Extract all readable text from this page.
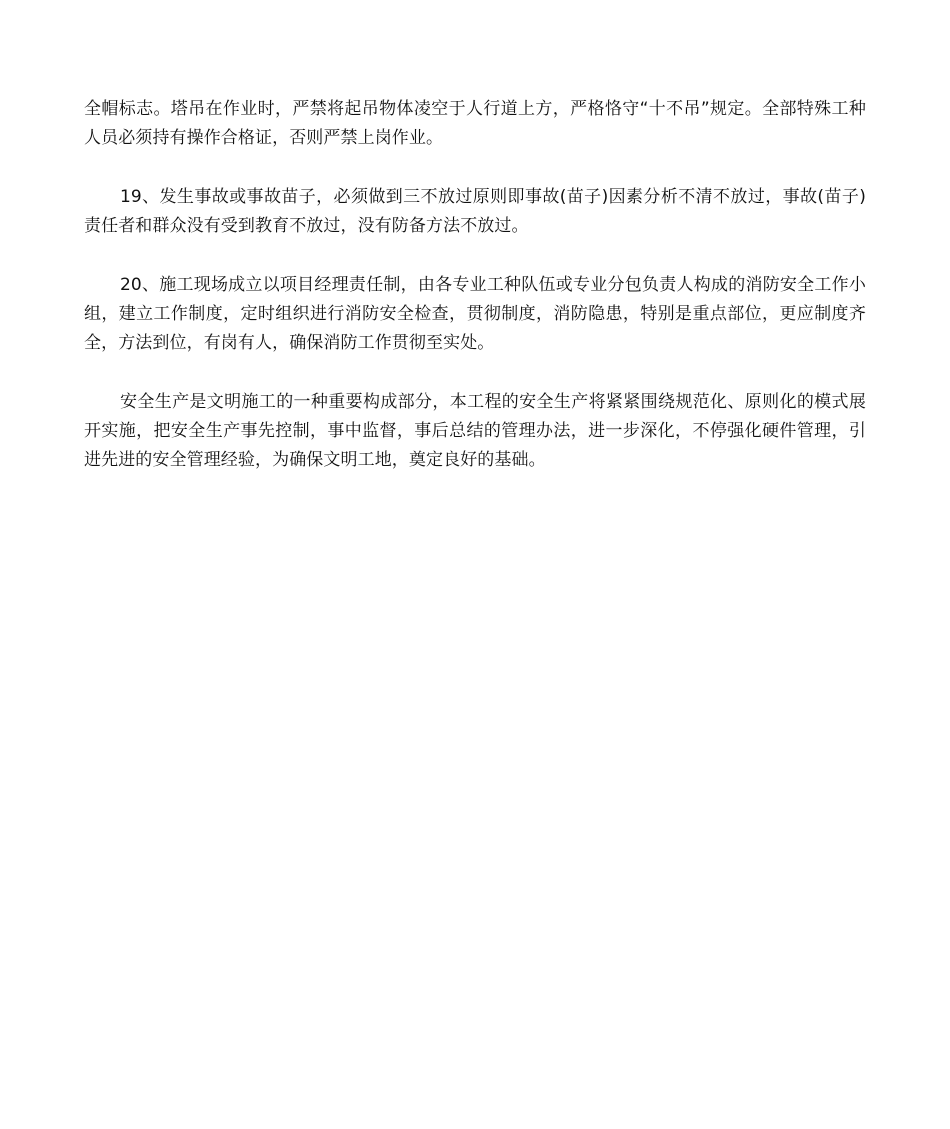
全帽标志。塔吊在作业时，严禁将起吊物体凌空于人行道上方，严格恪守“十不吊”规定。全部特殊工种人员必须持有操作合格证，否则严禁上岗作业。

19、发生事故或事故苗子，必须做到三不放过原则即事故(苗子)因素分析不清不放过，事故(苗子)责任者和群众没有受到教育不放过，没有防备方法不放过。

20、施工现场成立以项目经理责任制，由各专业工种队伍或专业分包负责人构成的消防安全工作小组，建立工作制度，定时组织进行消防安全检查，贯彻制度，消防隐患，特别是重点部位，更应制度齐全，方法到位，有岗有人，确保消防工作贯彻至实处。

安全生产是文明施工的一种重要构成部分，本工程的安全生产将紧紧围绕规范化、原则化的模式展开实施，把安全生产事先控制，事中监督，事后总结的管理办法，进一步深化，不停强化硬件管理，引进先进的安全管理经验，为确保文明工地，奠定良好的基础。
